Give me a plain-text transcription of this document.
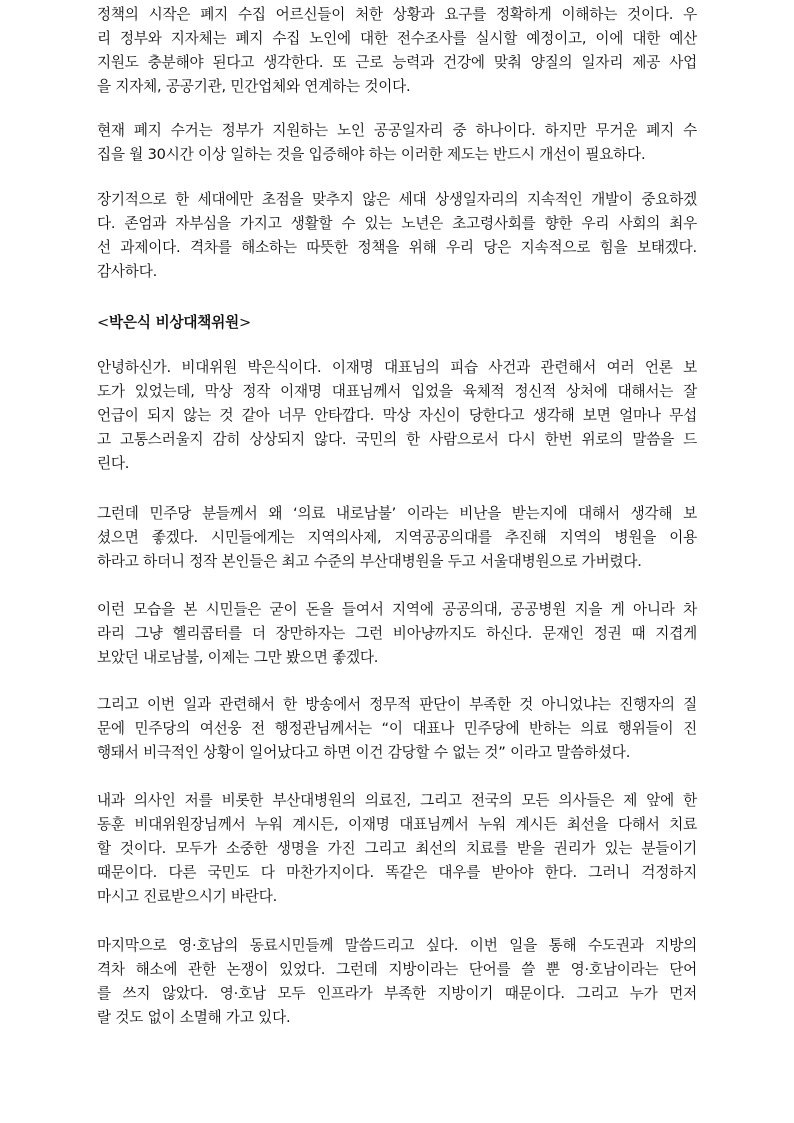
정책의 시작은 폐지 수집 어르신들이 처한 상황과 요구를 정확하게 이해하는 것이다. 우
리 정부와 지자체는 폐지 수집 노인에 대한 전수조사를 실시할 예정이고, 이에 대한 예산
지원도 충분해야 된다고 생각한다. 또 근로 능력과 건강에 맞춰 양질의 일자리 제공 사업
을 지자체, 공공기관, 민간업체와 연계하는 것이다.

현재 폐지 수거는 정부가 지원하는 노인 공공일자리 중 하나이다. 하지만 무거운 폐지 수
집을 월 30시간 이상 일하는 것을 입증해야 하는 이러한 제도는 반드시 개선이 필요하다.

장기적으로 한 세대에만 초점을 맞추지 않은 세대 상생일자리의 지속적인 개발이 중요하겠
다. 존엄과 자부심을 가지고 생활할 수 있는 노년은 초고령사회를 향한 우리 사회의 최우
선 과제이다. 격차를 해소하는 따뜻한 정책을 위해 우리 당은 지속적으로 힘을 보태겠다.
감사하다.

<박은식 비상대책위원>

안녕하신가. 비대위원 박은식이다. 이재명 대표님의 피습 사건과 관련해서 여러 언론 보
도가 있었는데, 막상 정작 이재명 대표님께서 입었을 육체적 정신적 상처에 대해서는 잘
언급이 되지 않는 것 같아 너무 안타깝다. 막상 자신이 당한다고 생각해 보면 얼마나 무섭
고 고통스러울지 감히 상상되지 않다. 국민의 한 사람으로서 다시 한번 위로의 말씀을 드
린다.

그런데 민주당 분들께서 왜 ‘의료 내로남불’ 이라는 비난을 받는지에 대해서 생각해 보
셨으면 좋겠다. 시민들에게는 지역의사제, 지역공공의대를 추진해 지역의 병원을 이용
하라고 하더니 정작 본인들은 최고 수준의 부산대병원을 두고 서울대병원으로 가버렸다.

이런 모습을 본 시민들은 굳이 돈을 들여서 지역에 공공의대, 공공병원 지을 게 아니라 차
라리 그냥 헬리콥터를 더 장만하자는 그런 비아냥까지도 하신다. 문재인 정권 때 지겹게
보았던 내로남불, 이제는 그만 봤으면 좋겠다.

그리고 이번 일과 관련해서 한 방송에서 정무적 판단이 부족한 것 아니었냐는 진행자의 질
문에 민주당의 여선웅 전 행정관님께서는 “이 대표나 민주당에 반하는 의료 행위들이 진
행돼서 비극적인 상황이 일어났다고 하면 이건 감당할 수 없는 것” 이라고 말씀하셨다.

내과 의사인 저를 비롯한 부산대병원의 의료진, 그리고 전국의 모든 의사들은 제 앞에 한
동훈 비대위원장님께서 누워 계시든, 이재명 대표님께서 누워 계시든 최선을 다해서 치료
할 것이다. 모두가 소중한 생명을 가진 그리고 최선의 치료를 받을 권리가 있는 분들이기
때문이다. 다른 국민도 다 마찬가지이다. 똑같은 대우를 받아야 한다. 그러니 걱정하지
마시고 진료받으시기 바란다.

마지막으로 영·호남의 동료시민들께 말씀드리고 싶다. 이번 일을 통해 수도권과 지방의
격차 해소에 관한 논쟁이 있었다. 그런데 지방이라는 단어를 쓸 뿐 영·호남이라는 단어
를 쓰지 않았다. 영·호남 모두 인프라가 부족한 지방이기 때문이다. 그리고 누가 먼저
랄 것도 없이 소멸해 가고 있다.
